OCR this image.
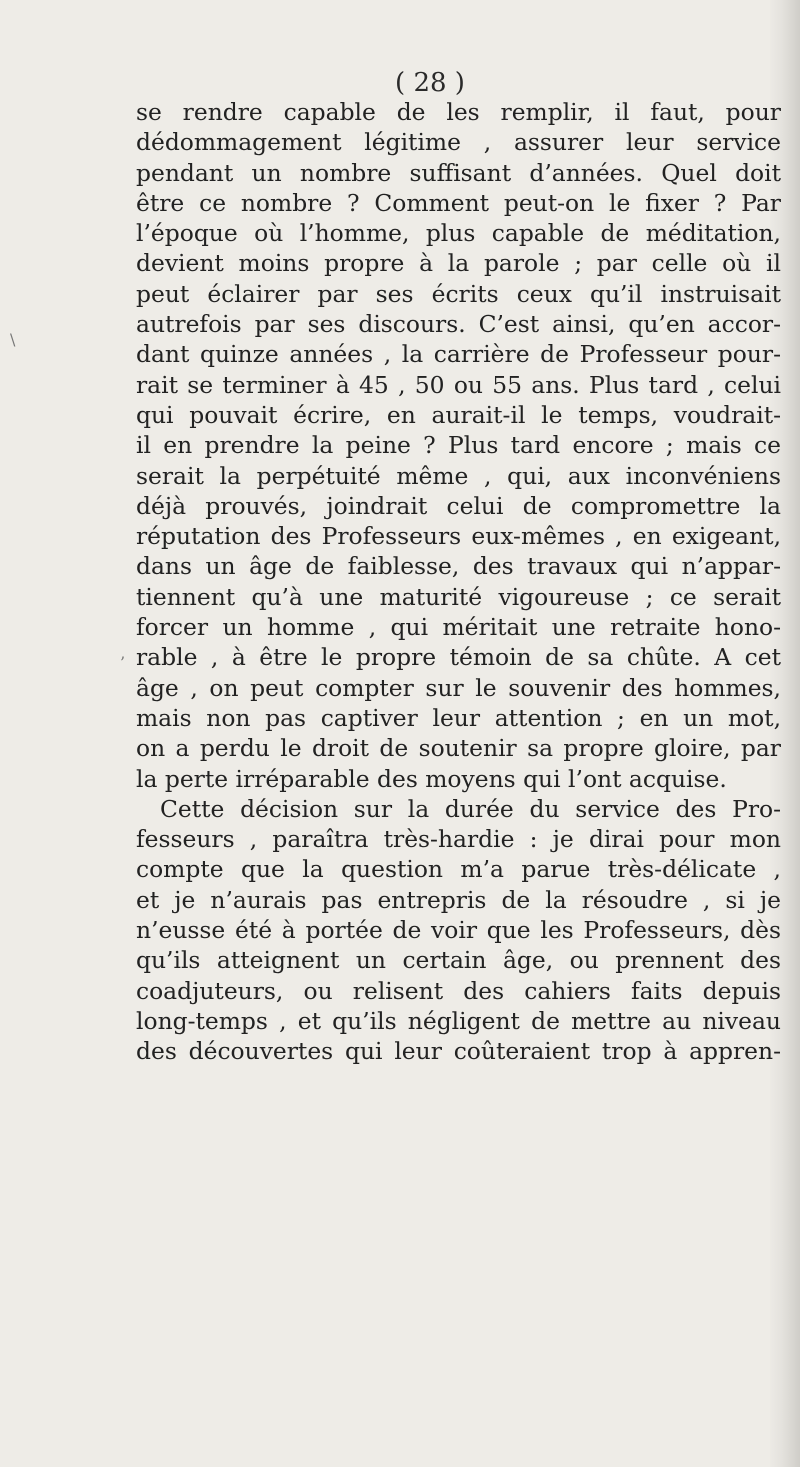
( 28 )
se rendre capable de les remplir, il faut, pour
dédommagement légitime , assurer leur service
pendant un nombre suffisant d’années. Quel doit
être ce nombre ? Comment peut-on le fixer ? Par
l’époque où l’homme, plus capable de méditation,
devient moins propre à la parole ; par celle où il
peut éclairer par ses écrits ceux qu’il instruisait
autrefois par ses discours. C’est ainsi, qu’en accor-
dant quinze années , la carrière de Professeur pour-
rait se terminer à 45 , 50 ou 55 ans. Plus tard , celui
qui pouvait écrire, en aurait-il le temps, voudrait-
il en prendre la peine ? Plus tard encore ; mais ce
serait la perpétuité même , qui, aux inconvéniens
déjà prouvés, joindrait celui de compromettre la
réputation des Professeurs eux-mêmes , en exigeant,
dans un âge de faiblesse, des travaux qui n’appar-
tiennent qu’à une maturité vigoureuse ; ce serait
forcer un homme , qui méritait une retraite hono-
rable , à être le propre témoin de sa chûte. A cet
âge , on peut compter sur le souvenir des hommes,
mais non pas captiver leur attention ; en un mot,
on a perdu le droit de soutenir sa propre gloire, par
la perte irréparable des moyens qui l’ont acquise.
Cette décision sur la durée du service des Pro-
fesseurs , paraîtra très-hardie : je dirai pour mon
compte que la question m’a parue très-délicate ,
et je n’aurais pas entrepris de la résoudre , si je
n’eusse été à portée de voir que les Professeurs, dès
qu’ils atteignent un certain âge, ou prennent des
coadjuteurs, ou relisent des cahiers faits depuis
long-temps , et qu’ils négligent de mettre au niveau
des découvertes qui leur coûteraient trop à appren-
\
’
